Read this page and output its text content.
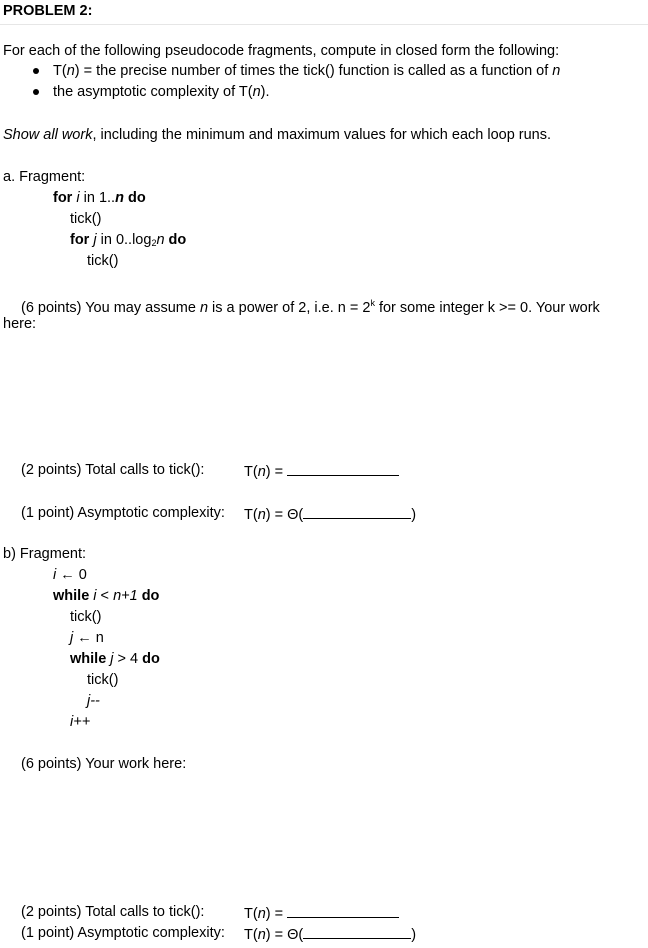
PROBLEM 2:
For each of the following pseudocode fragments, compute in closed form the following:
T(n) = the precise number of times the tick() function is called as a function of n
the asymptotic complexity of T(n).
Show all work, including the minimum and maximum values for which each loop runs.
a. Fragment:
for i in 1..n do
tick()
for j in $0..\log_2n$ do
tick()
(6 points) You may assume n is a power of 2, i.e. $n = 2^k$ for some integer k >= 0. Your work
here:
(2 points) Total calls to tick():	T(n) =
(1 point) Asymptotic complexity: T(n) = Θ(	)
b) Fragment:
i ← 0
while i < n+1 do
tick()
j ← n
while j > 4 do
tick()
j--
i++
(6 points) Your work here:
(2 points) Total calls to tick():	T(n) =
(1 point) Asymptotic complexity: T(n) = Θ(	)
